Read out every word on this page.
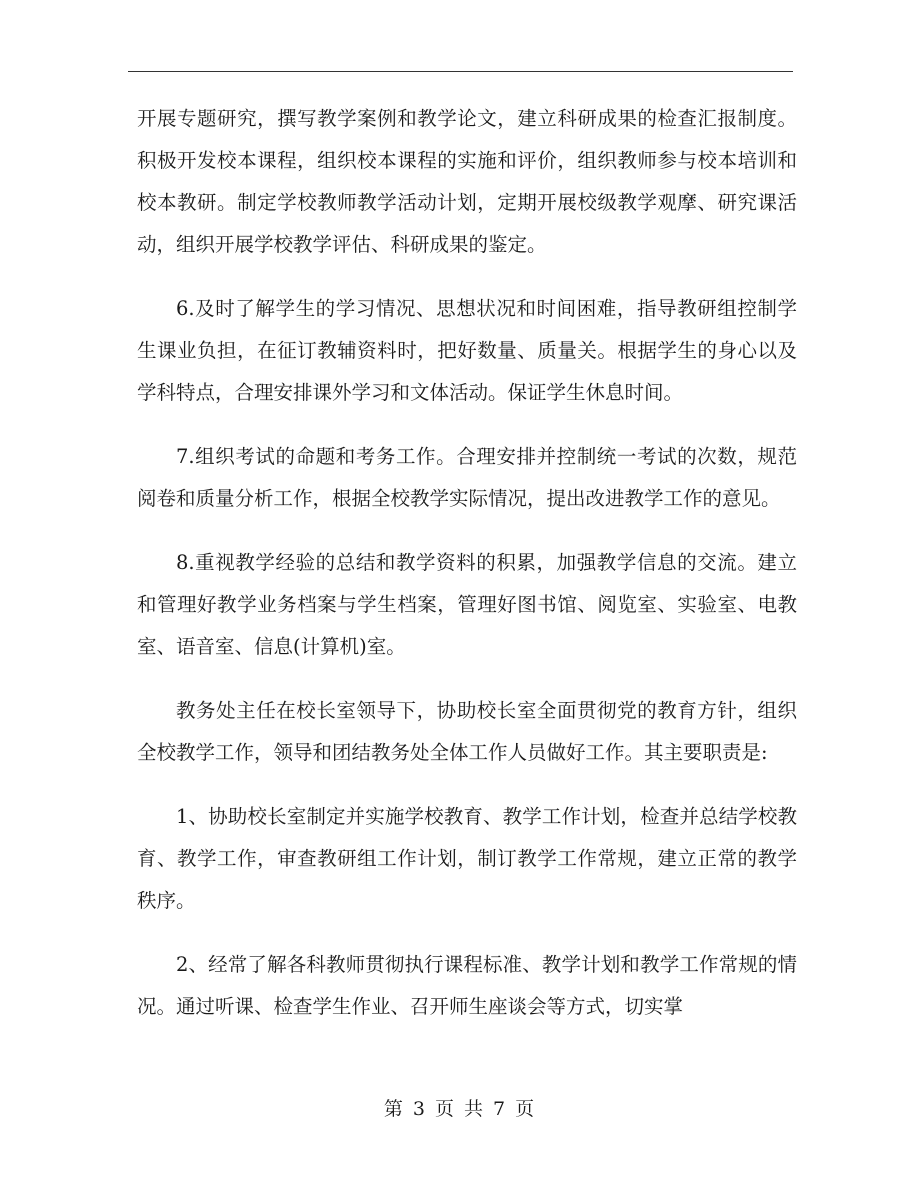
开展专题研究，撰写教学案例和教学论文，建立科研成果的检查汇报制度。积极开发校本课程，组织校本课程的实施和评价，组织教师参与校本培训和校本教研。制定学校教师教学活动计划，定期开展校级教学观摩、研究课活动，组织开展学校教学评估、科研成果的鉴定。

6.及时了解学生的学习情况、思想状况和时间困难，指导教研组控制学生课业负担，在征订教辅资料时，把好数量、质量关。根据学生的身心以及学科特点，合理安排课外学习和文体活动。保证学生休息时间。

7.组织考试的命题和考务工作。合理安排并控制统一考试的次数，规范阅卷和质量分析工作，根据全校教学实际情况，提出改进教学工作的意见。

8.重视教学经验的总结和教学资料的积累，加强教学信息的交流。建立和管理好教学业务档案与学生档案，管理好图书馆、阅览室、实验室、电教室、语音室、信息(计算机)室。

教务处主任在校长室领导下，协助校长室全面贯彻党的教育方针，组织全校教学工作，领导和团结教务处全体工作人员做好工作。其主要职责是:

1、协助校长室制定并实施学校教育、教学工作计划，检查并总结学校教育、教学工作，审查教研组工作计划，制订教学工作常规，建立正常的教学秩序。

2、经常了解各科教师贯彻执行课程标准、教学计划和教学工作常规的情况。通过听课、检查学生作业、召开师生座谈会等方式，切实掌

第 3 页 共 7 页
